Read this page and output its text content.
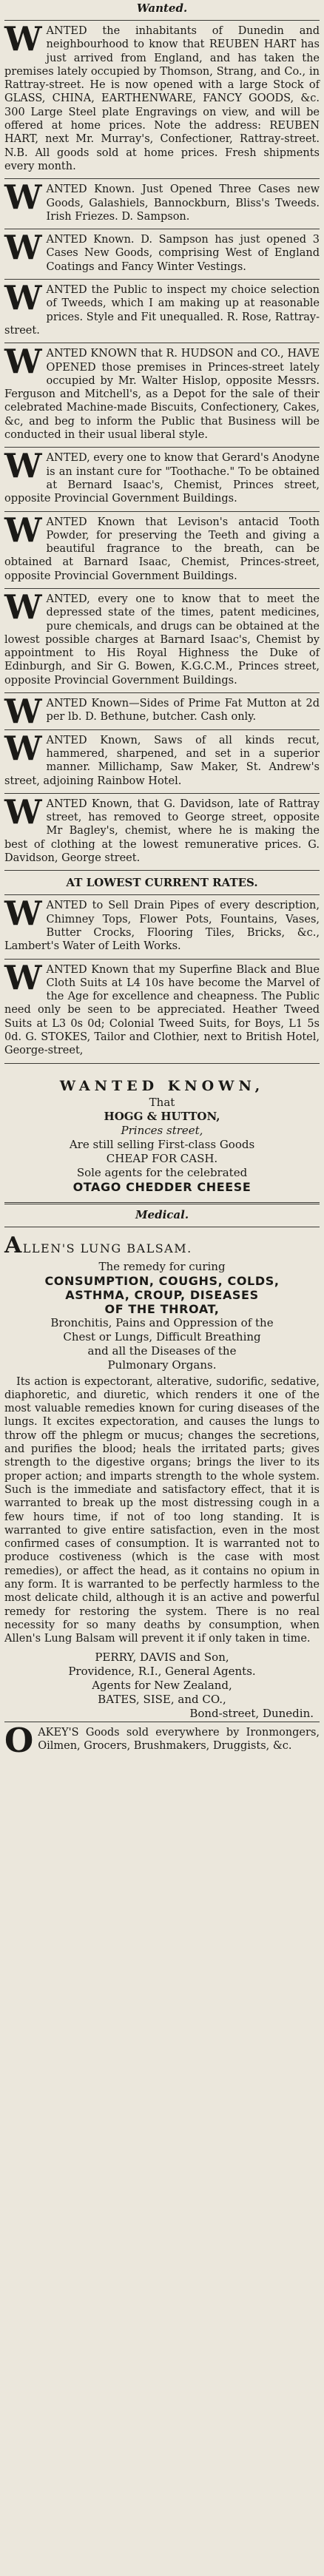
Wanted.
W ANTED the inhabitants of Dunedin and neighbourhood to know that REUBEN HART has just arrived from England, and has taken the premises lately occupied by Thomson, Strang, and Co., in Rattray-street. He is now opened with a large Stock of GLASS, CHINA, EARTHENWARE, FANCY GOODS, &c. 300 Large Steel plate Engravings on view, and will be offered at home prices. Note the address: REUBEN HART, next Mr. Murray's, Confectioner, Rattray-street. N.B. All goods sold at home prices. Fresh shipments every month.

W ANTED Known. Just Opened Three Cases new Goods, Galashiels, Bannockburn, Bliss's Tweeds. Irish Friezes. D. Sampson.

W ANTED Known. D. Sampson has just opened 3 Cases New Goods, comprising West of England Coatings and Fancy Winter Vestings.

W ANTED the Public to inspect my choice selection of Tweeds, which I am making up at reasonable prices. Style and Fit unequalled. R. Rose, Rattray-street.

W ANTED KNOWN that R. HUDSON and CO., HAVE OPENED those premises in Princes-street lately occupied by Mr. Walter Hislop, opposite Messrs. Ferguson and Mitchell's, as a Depot for the sale of their celebrated Machine-made Biscuits, Confectionery, Cakes, &c, and beg to inform the Public that Business will be conducted in their usual liberal style.

W ANTED, every one to know that Gerard's Anodyne is an instant cure for "Toothache." To be obtained at Bernard Isaac's, Chemist, Princes street, opposite Provincial Government Buildings.

W ANTED Known that Levison's antacid Tooth Powder, for preserving the Teeth and giving a beautiful fragrance to the breath, can be obtained at Barnard Isaac, Chemist, Princes-street, opposite Provincial Government Buildings.

W ANTED, every one to know that to meet the depressed state of the times, patent medicines, pure chemicals, and drugs can be obtained at the lowest possible charges at Barnard Isaac's, Chemist by appointment to His Royal Highness the Duke of Edinburgh, and Sir G. Bowen, K.G.C.M., Princes street, opposite Provincial Government Buildings.

W ANTED Known—Sides of Prime Fat Mutton at 2d per lb. D. Bethune, butcher. Cash only.

W ANTED Known, Saws of all kinds recut, hammered, sharpened, and set in a superior manner. Millichamp, Saw Maker, St. Andrew's street, adjoining Rainbow Hotel.

W ANTED Known, that G. Davidson, late of Rattray street, has removed to George street, opposite Mr Bagley's, chemist, where he is making the best of clothing at the lowest remunerative prices. G. Davidson, George street.

AT LOWEST CURRENT RATES.
W ANTED to Sell Drain Pipes of every description, Chimney Tops, Flower Pots, Fountains, Vases, Butter Crocks, Flooring Tiles, Bricks, &c., Lambert's Water of Leith Works.

W ANTED Known that my Superfine Black and Blue Cloth Suits at L4 10s have become the Marvel of the Age for excellence and cheapness. The Public need only be seen to be appreciated. Heather Tweed Suits at L3 0s 0d; Colonial Tweed Suits, for Boys, L1 5s 0d. G. STOKES, Tailor and Clothier, next to British Hotel, George-street,

WANTED KNOWN,
That
HOGG & HUTTON,
Princes street,
Are still selling First-class Goods
CHEAP FOR CASH.
Sole agents for the celebrated
OTAGO CHEDDER CHEESE
Medical.
ALLEN'S LUNG BALSAM.
The remedy for curing
CONSUMPTION, COUGHS, COLDS,
ASTHMA, CROUP, DISEASES
OF THE THROAT,
Bronchitis, Pains and Oppression of the
Chest or Lungs, Difficult Breathing
and all the Diseases of the
Pulmonary Organs.
Its action is expectorant, alterative, sudorific, sedative, diaphoretic, and diuretic, which renders it one of the most valuable remedies known for curing diseases of the lungs. It excites expectoration, and causes the lungs to throw off the phlegm or mucus; changes the secretions, and purifies the blood; heals the irritated parts; gives strength to the digestive organs; brings the liver to its proper action; and imparts strength to the whole system. Such is the immediate and satisfactory effect, that it is warranted to break up the most distressing cough in a few hours time, if not of too long standing. It is warranted to give entire satisfaction, even in the most confirmed cases of consumption. It is warranted not to produce costiveness (which is the case with most remedies), or affect the head, as it contains no opium in any form. It is warranted to be perfectly harmless to the most delicate child, although it is an active and powerful remedy for restoring the system. There is no real necessity for so many deaths by consumption, when Allen's Lung Balsam will prevent it if only taken in time.
PERRY, DAVIS and Son,
Providence, R.I., General Agents.
Agents for New Zealand,
BATES, SISE, and CO.,
Bond-street, Dunedin.
O AKEY'S Goods sold everywhere by Ironmongers, Oilmen, Grocers, Brushmakers, Druggists, &c.
